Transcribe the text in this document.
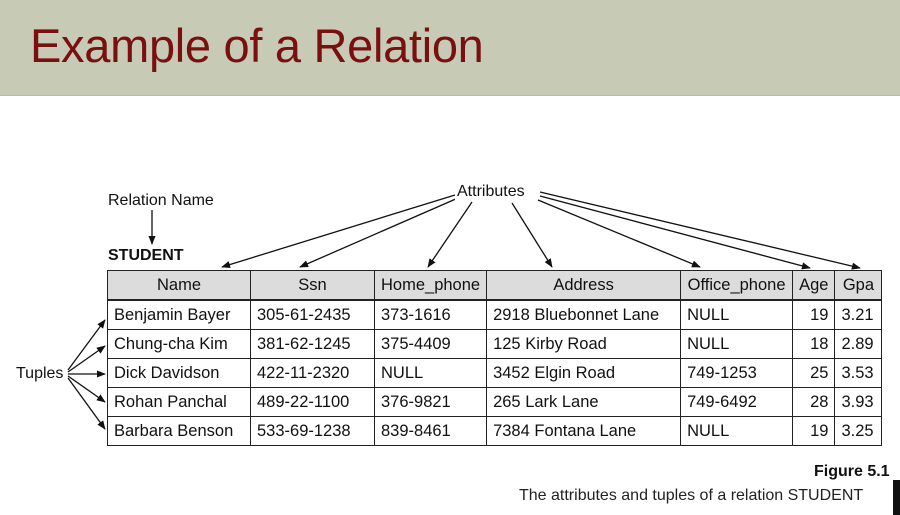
Example of a Relation
Relation Name
Attributes
Tuples
STUDENT
Name	Ssn	Home_phone	Address	Office_phone	Age	Gpa
Benjamin Bayer	305-61-2435	373-1616	2918 Bluebonnet Lane	NULL	19	3.21
Chung-cha Kim	381-62-1245	375-4409	125 Kirby Road	NULL	18	2.89
Dick Davidson	422-11-2320	NULL	3452 Elgin Road	749-1253	25	3.53
Rohan Panchal	489-22-1100	376-9821	265 Lark Lane	749-6492	28	3.93
Barbara Benson	533-69-1238	839-8461	7384 Fontana Lane	NULL	19	3.25
Figure 5.1
The attributes and tuples of a relation STUDENT
